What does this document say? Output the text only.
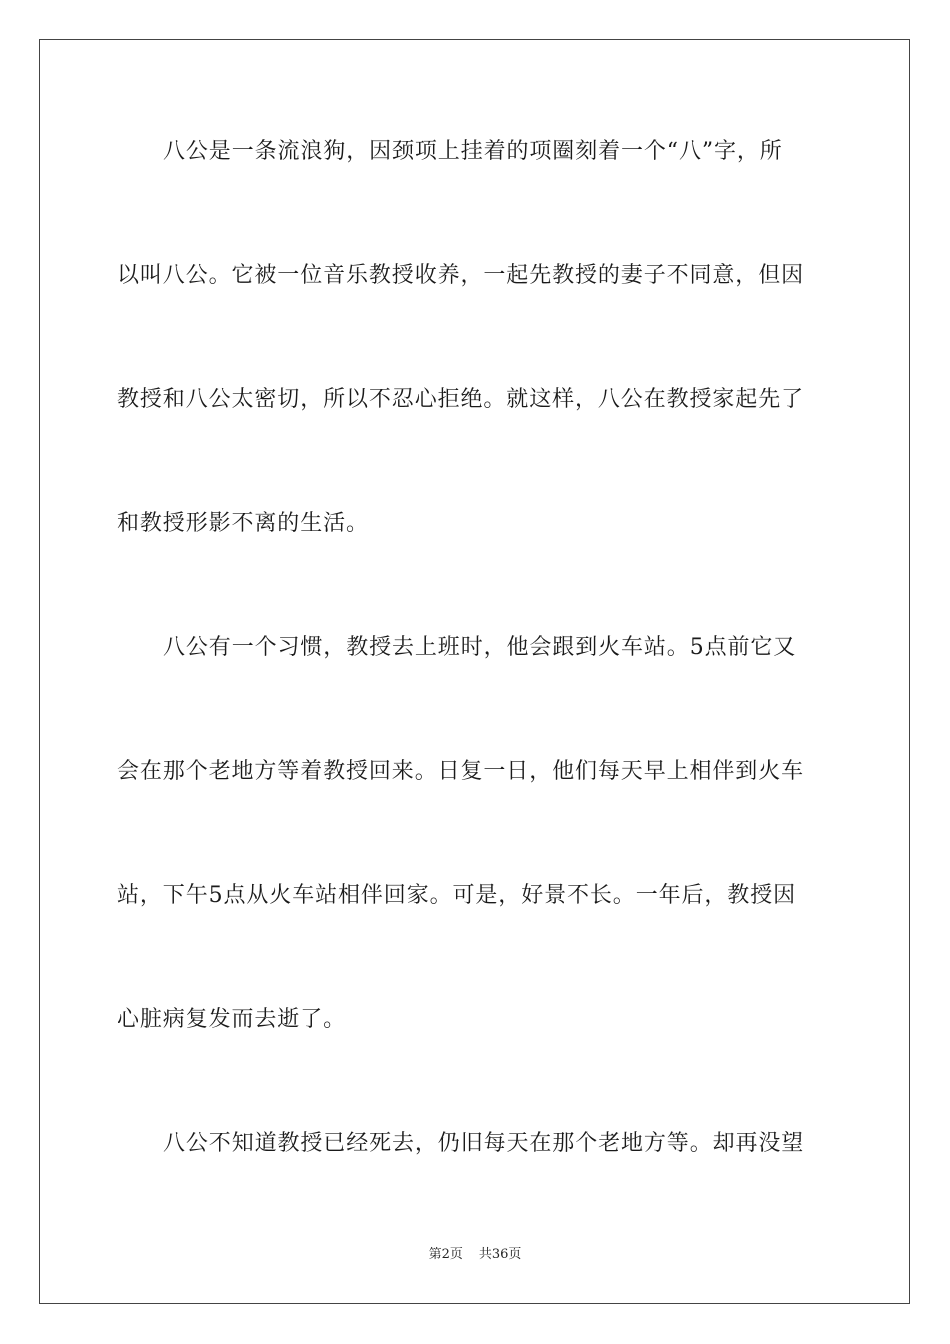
八公是一条流浪狗，因颈项上挂着的项圈刻着一个“八”字，所
以叫八公。它被一位音乐教授收养，一起先教授的妻子不同意，但因
教授和八公太密切，所以不忍心拒绝。就这样，八公在教授家起先了
和教授形影不离的生活。
八公有一个习惯，教授去上班时，他会跟到火车站。5点前它又
会在那个老地方等着教授回来。日复一日，他们每天早上相伴到火车
站，下午5点从火车站相伴回家。可是，好景不长。一年后，教授因
心脏病复发而去逝了。
八公不知道教授已经死去，仍旧每天在那个老地方等。却再没望
第2页 共36页
